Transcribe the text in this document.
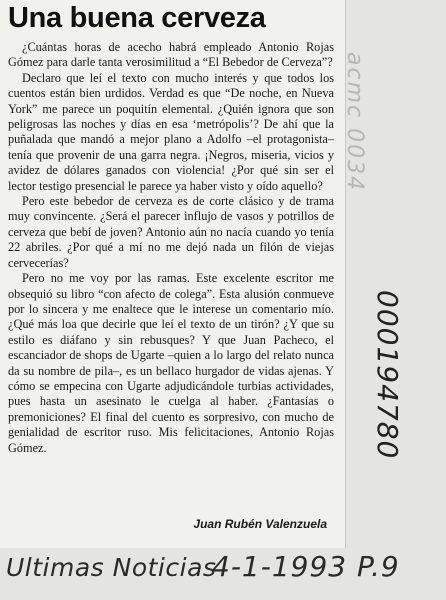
Una buena cerveza

¿Cuántas horas de acecho habrá empleado Antonio Rojas Gómez para darle tanta verosimilitud a “El Bebedor de Cerveza”?

Declaro que leí el texto con mucho interés y que todos los cuentos están bien urdidos. Verdad es que “De noche, en Nueva York” me parece un poquitín elemental. ¿Quién ignora que son peligrosas las noches y días en esa ‘metrópolis’? De ahí que la puñalada que mandó a mejor plano a Adolfo –el protagonista– tenía que provenir de una garra negra. ¡Negros, miseria, vicios y avidez de dólares ganados con violencia! ¿Por qué sin ser el lector testigo presencial le parece ya haber visto y oído aquello?

Pero este bebedor de cerveza es de corte clásico y de trama muy convincente. ¿Será el parecer influjo de vasos y potrillos de cerveza que bebí de joven? Antonio aún no nacía cuando yo tenía 22 abriles. ¿Por qué a mí no me dejó nada un filón de viejas cervecerías?

Pero no me voy por las ramas. Este excelente escritor me obsequió su libro “con afecto de colega”. Esta alusión conmueve por lo sincera y me enaltece que le interese un comentario mío. ¿Qué más loa que decirle que leí el texto de un tirón? ¿Y que su estilo es diáfano y sin rebusques? Y que Juan Pacheco, el escanciador de shops de Ugarte –quien a lo largo del relato nunca da su nombre de pila–, es un bellaco hurgador de vidas ajenas. Y cómo se empecina con Ugarte adjudicándole turbias actividades, pues hasta un asesinato le cuelga al haber. ¿Fantasías o premoniciones? El final del cuento es sorpresivo, con mucho de genialidad de escritor ruso. Mis felicitaciones, Antonio Rojas Gómez.

Juan Rubén Valenzuela
acmc 0034
000194780
Ultimas Noticias
4-1-1993 P.9
